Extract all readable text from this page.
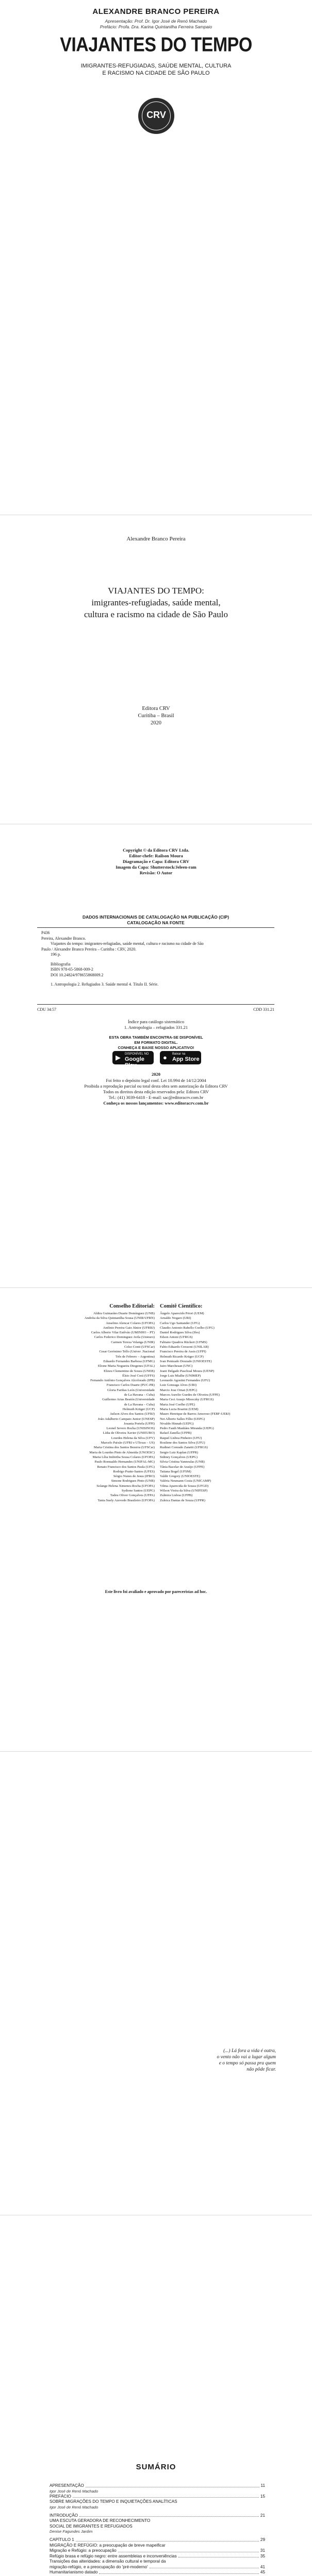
ALEXANDRE BRANCO PEREIRA
Apresentação: Prof. Dr. Igor José de Renó Machado
Prefácio: Profa. Dra. Karina Quintanilha Ferreira Sampaio
VIAJANTES DO TEMPO
IMIGRANTES-REFUGIADAS, SAÚDE MENTAL, CULTURA
E RACISMO NA CIDADE DE SÃO PAULO
CRV
Alexandre Branco Pereira
VIAJANTES DO TEMPO:
imigrantes-refugiadas, saúde mental,
cultura e racismo na cidade de São Paulo
Editora CRV
Curitiba – Brasil
2020
Copyright © da Editora CRV Ltda.
Editor-chefe: Railson Moura
Diagramação e Capa: Editora CRV
Imagem da Capa: Shutterstock/Jeleen-ram
Revisão: O Autor
DADOS INTERNACIONAIS DE CATALOGAÇÃO NA PUBLICAÇÃO (CIP)
CATALOGAÇÃO NA FONTE
P436
Pereira, Alexandre Branco.
Viajantes do tempo: imigrantes-refugiadas, saúde mental, cultura e racismo na cidade de São
Paulo / Alexandre Branco Pereira – Curitiba : CRV, 2020.
196 p.
Bibliografia
ISBN 978-65-5868-009-2
DOI 10.24824/978655868009.2
1. Antropologia 2. Refugiados 3. Saúde mental 4. Título II. Série.
CDU 34:57	CDD 331.21
Índice para catálogo sistemático
1. Antropologia – refugiados 331.21
ESTA OBRA TAMBÉM ENCONTRA-SE DISPONÍVEL
EM FORMATO DIGITAL.
CONHEÇA E BAIXE NOSSO APLICATIVO!
▶ DISPONÍVEL NO
Google Play
● Baixar na
App Store
2020
Foi feito o depósito legal conf. Lei 10.994 de 14/12/2004
Proibida a reprodução parcial ou total desta obra sem autorização da Editora CRV
Todos os direitos desta edição reservados pela: Editora CRV
Tel.: (41) 3039-6418 - E-mail: sac@editoracrv.com.br
Conheça os nossos lançamentos: www.editoracrv.com.br
Conselho Editorial:
Aldira Guimarães Duarte Domínguez (UNB)
Andréia da Silva Quintanilha Sousa (UNIR/UFRN)
Anselmo Alencar Colares (UFOPA)
Antônio Pereira Gaio Júnior (UFRRJ)
Carlos Alberto Vilar Estêvão (UMINHO – PT)
Carlos Federico Dominguez Avila (Unieuro)
Carmen Tereza Velanga (UNIR)
Celso Conti (UFSCar)
Cesar Gerónimo Tello (Univer .Nacional
Três de Febrero – Argentina)
Eduardo Fernandes Barbosa (UFMG)
Elione Maria Nogueira Diogenes (UFAL)
Elizeu Clementino de Souza (UNEB)
Élsio José Corá (UFFS)
Fernando Antônio Gonçalves Alcoforado (IPB)
Francisco Carlos Duarte (PUC-PR)
Gloria Fariñas León (Universidade
de La Havana – Cuba)
Guillermo Arias Beatón (Universidade
de La Havana – Cuba)
Helmuth Krüger (UCP)
Jailson Alves dos Santos (UFRJ)
João Adalberto Campato Junior (UNESP)
Josania Portela (UFPI)
Leonel Severo Rocha (UNISINOS)
Lídia de Oliveira Xavier (UNIEURO)
Lourdes Helena da Silva (UFV)
Marcelo Paixão (UFRJ e UTexas – US)
Maria Cristina dos Santos Bezerra (UFSCar)
Maria de Lourdes Pinto de Almeida (UNOESC)
Maria Lília Imbiriba Sousa Colares (UFOPA)
Paulo Romualdo Hernandes (UNIFAL-MG)
Renato Francisco dos Santos Paula (UFG)
Rodrigo Pratte-Santos (UFES)
Sérgio Nunes de Jesus (IFRO)
Simone Rodrigues Pinto (UNB)
Solange Helena Ximenes-Rocha (UFOPA)
Sydione Santos (UEPG)
Tadeu Oliver Gonçalves (UFPA)
Tania Suely Azevedo Brasileiro (UFOPA)
Comitê Científico:
Ângelo Aparecido Priori (UEM)
Arnaldo Nogaro (URI)
Carlos Ugo Santander (UFG)
Claudio Antonio Rabello Coelho (UFG)
Daniel Rodrigues Silva (Ifes)
Edson Antoni (UFRGS)
Fabiano Quadros Rückert (UFMS)
Fabio Eduardo Cressoni (UNILAB)
Francisco Pereira de Assis (UFPI)
Helmuth Ricardo Krüger (UCP)
Ivan Penteado Dourado (UNIOESTE)
Jairo Marchesan (UNC)
Jeani Delgado Paschoal Moura (UENP)
Jorge Luis Mialhe (UNIMEP)
Leonardo Agostini Fernandes (UFU)
Luiz Gonzaga Alves (URI)
Marcio Jose Ornat (UEPG)
Marcos Aurelio Guedes de Oliveira (UFPE)
Maria Ceci Araujo Misoczky (UFRGS)
Maria José Coelho (UPE)
Maria Lucia Boarini (UEM)
Mauro Henrique de Barros Amoroso (FEBF-UERJ)
Nei Alberto Salles Filho (UEPG)
Nivaldo Hinnah (UEPG)
Pedro Fauth Manhães Miranda (UEPG)
Rafael Zanella (UFPB)
Raquel Lisboa Pinheiro (UFU)
Rosilene dos Santos Silva (UFU)
Rudinei Conrado Zanetti (UFRGS)
Sergio Luiz Kaplan (UFPR)
Sidiney Gonçalves (UEPG)
Silvia Cristina Yannoulas (UNB)
Tânia Bacelar de Araújo (UFPE)
Tatiana Bogel (UFSM)
Valdir Gregory (UNIOESTE)
Valéria Neumann Costa (UNICAMP)
Vilma Aparecida de Souza (UFGD)
Wilson Vieira da Silva (UNIFESP)
Zulmira Lisboa (UFPB)
Zuleica Dantas de Souza (UFPR)
Este livro foi avaliado e aprovado por pareceristas ad hoc.
(...) Lá fora a vida é outra,
o vento não vai a lugar algum
e o tempo só passa pra quem
não pôde ficar.
SUMÁRIO
APRESENTAÇÃO	11
Igor José de Renó Machado
PREFÁCIO	15
SOBRE MIGRAÇÕES DO TEMPO E INQUIETAÇÕES ANALÍTICAS
Igor José de Renó Machado
INTRODUÇÃO	21
UMA ESCUTA GERADORA DE RECONHECIMENTO
SOCIAL DE IMIGRANTES E REFUGIADOS
Denise Fagundes Jardim
CAPÍTULO 1	29
MIGRAÇÃO E REFÚGIO: a preocupação de breve mapeificar
Migração e Refúgio: a preocupação	31
Refúgio brasa e refúgio negro: entre assembleias e inconveniências	35
Transições das alteridades: a dimensão cultural e temporal da
migração-refúgio, e a preocupação do 'pré-moderno'	41
Humanitarianismo datado	45
